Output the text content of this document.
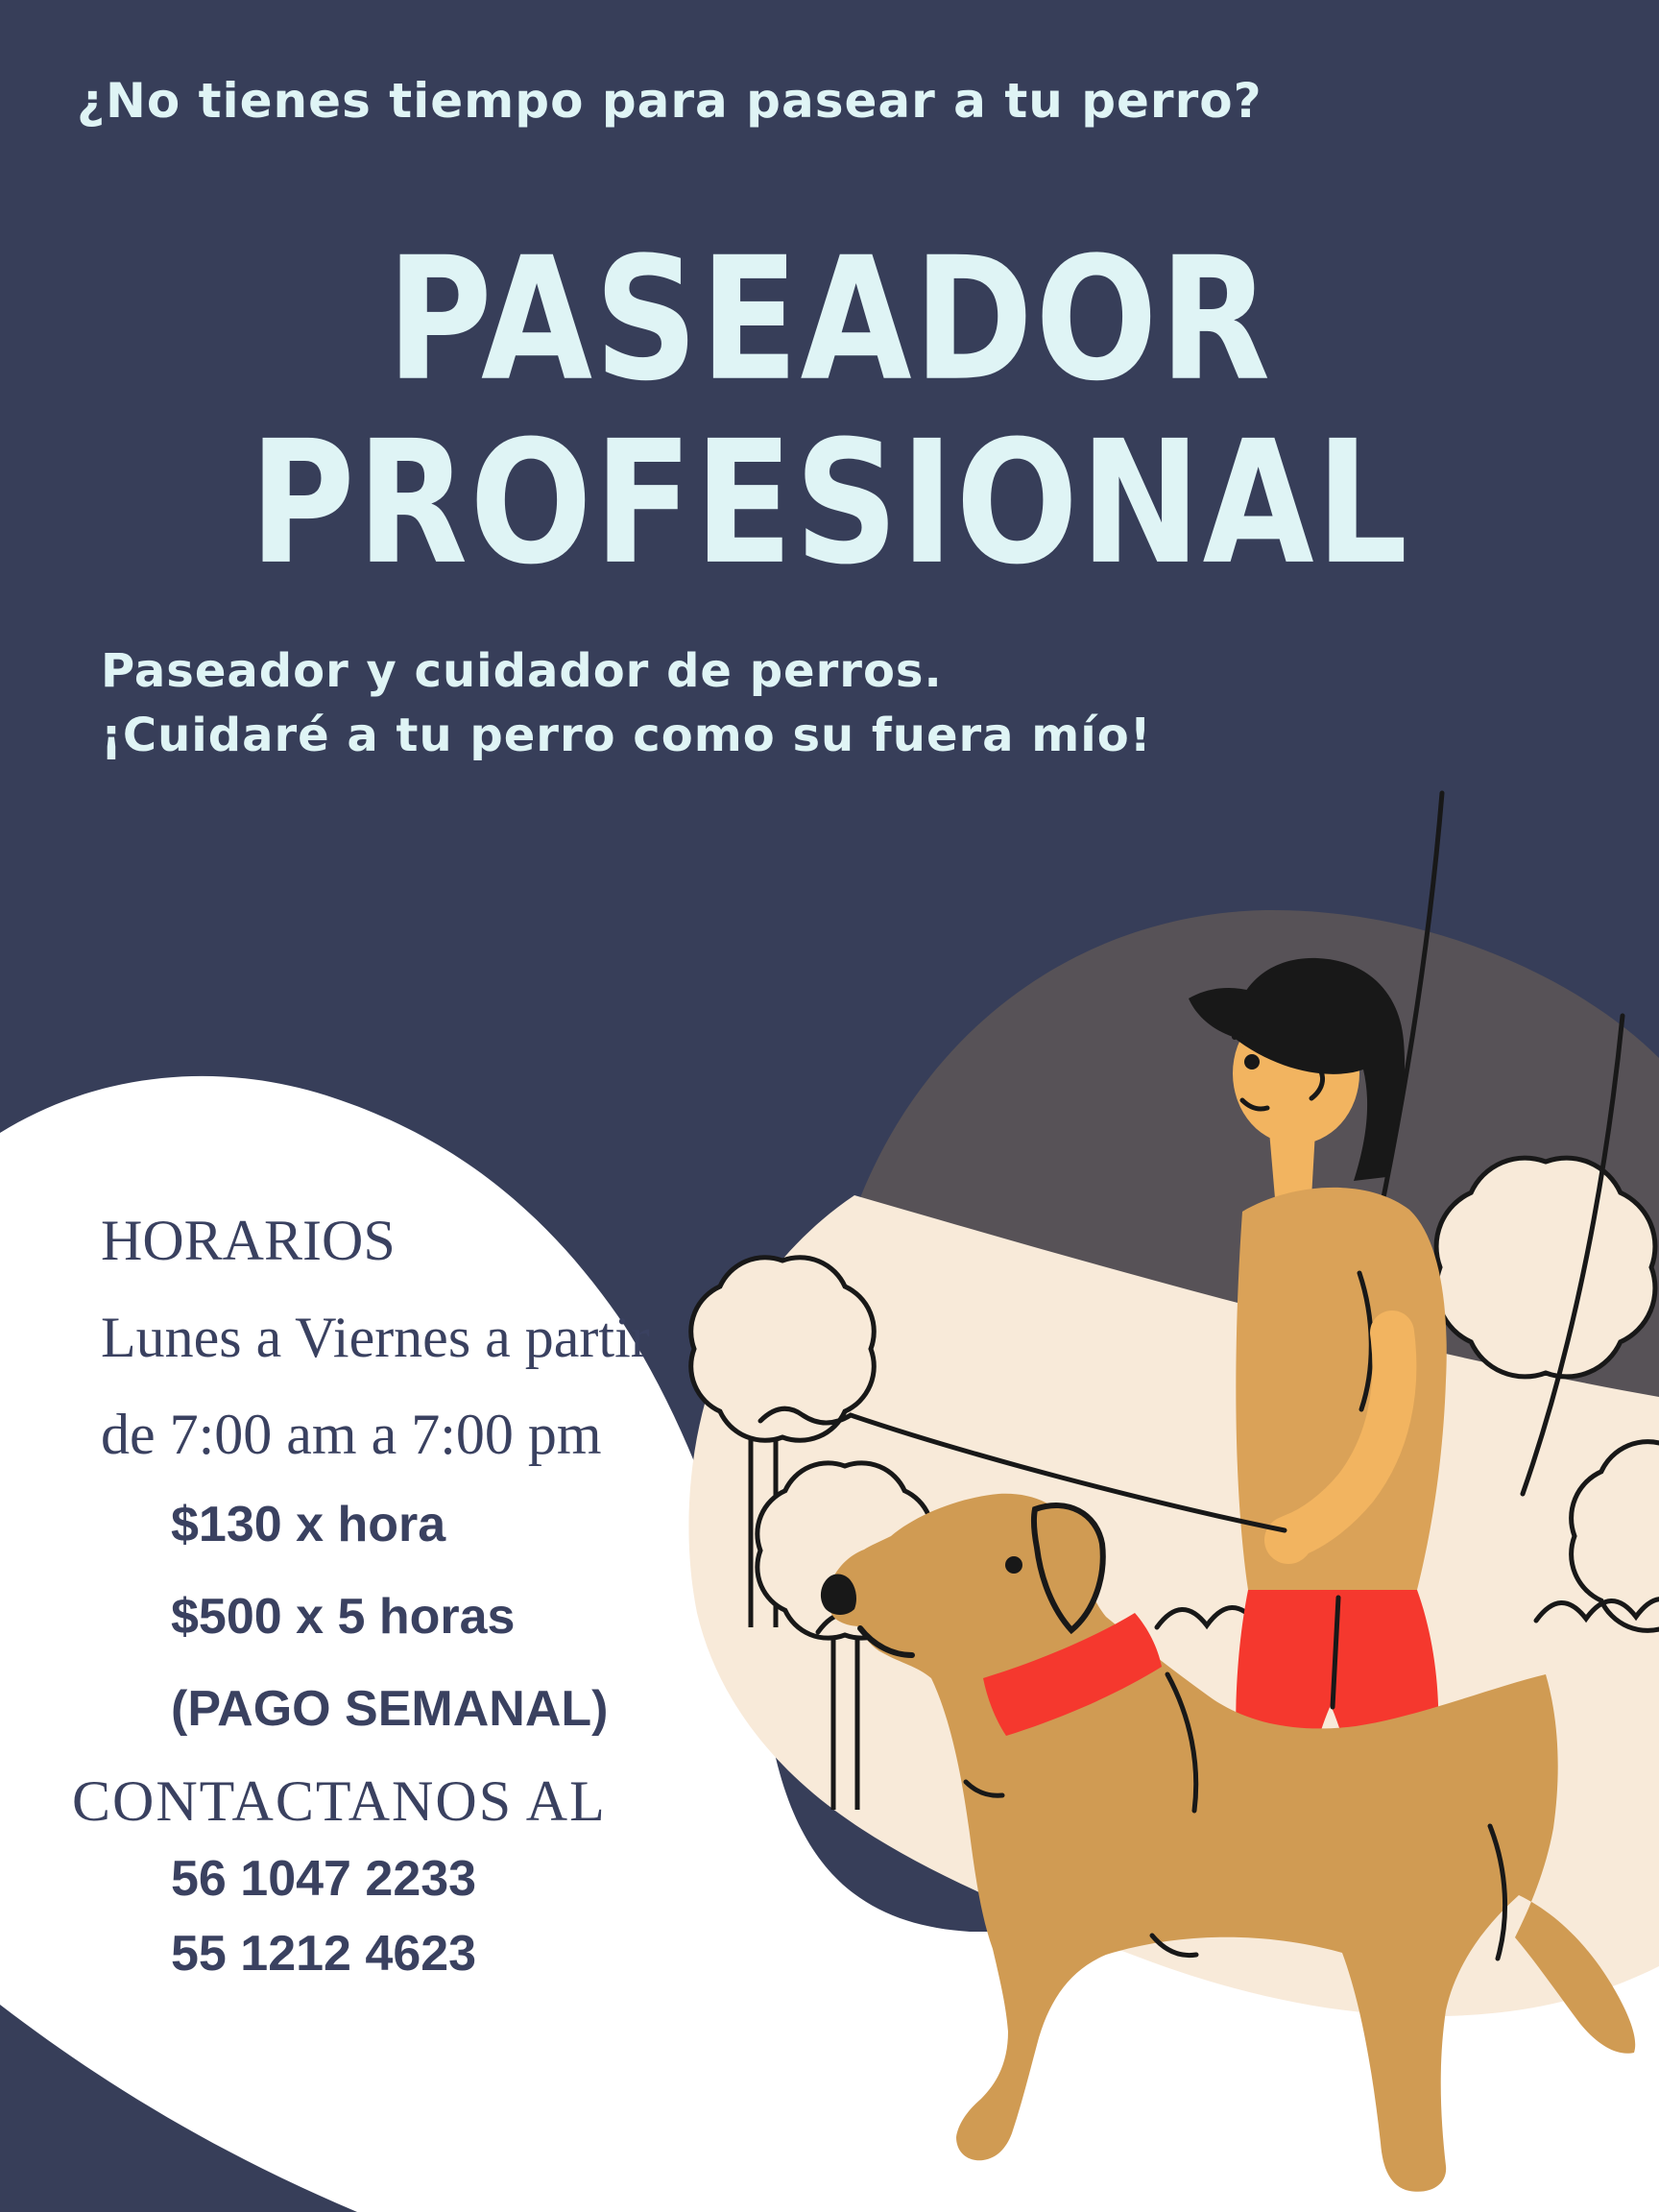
¿No tienes tiempo para pasear a tu perro?
PASEADOR
PROFESIONAL
Paseador y cuidador de perros.
¡Cuidaré a tu perro como su fuera mío!
HORARIOS
Lunes a Viernes a partir
de 7:00 am a 7:00 pm
$130 x hora
$500 x 5 horas
(PAGO SEMANAL)
CONTACTANOS AL
56 1047 2233
55 1212 4623
